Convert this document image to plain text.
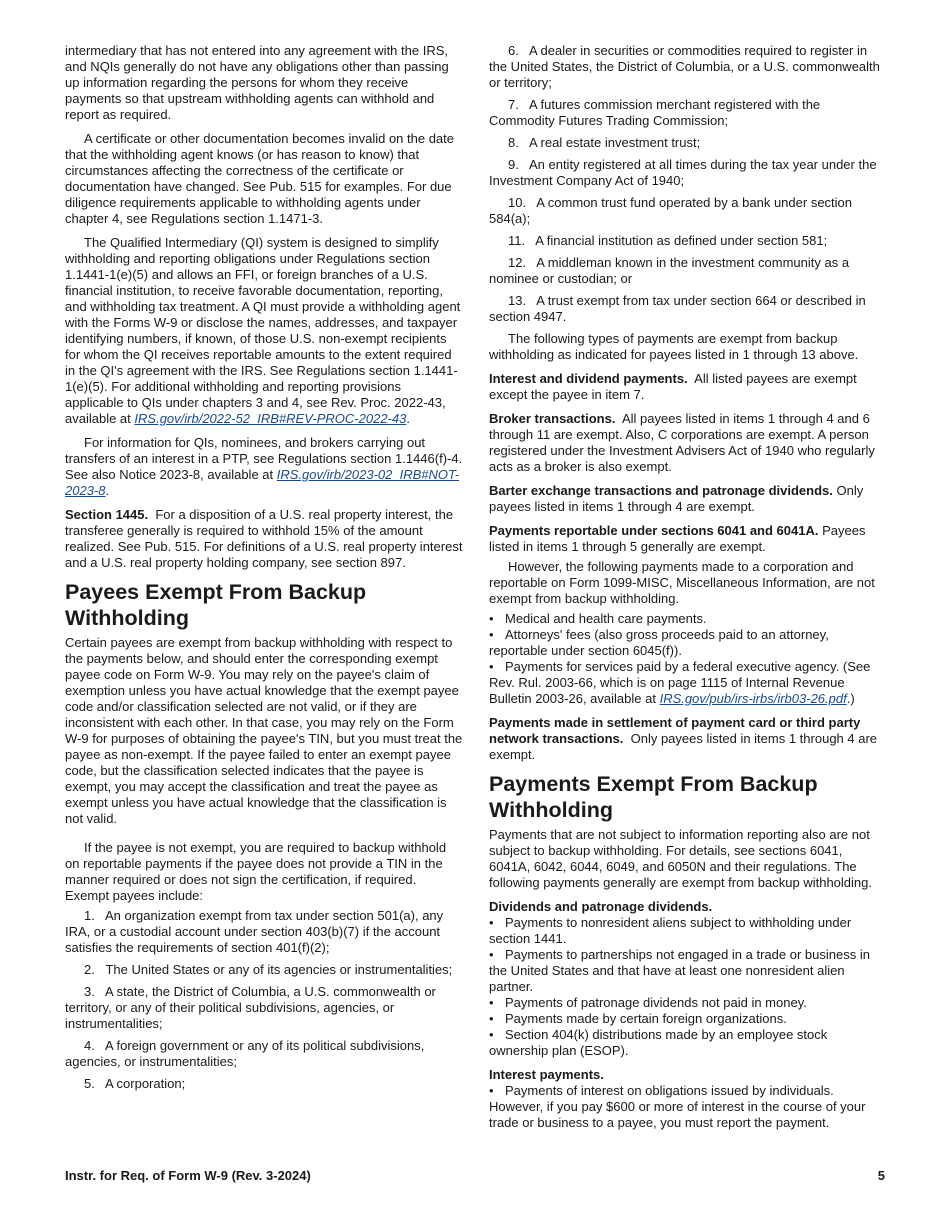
intermediary that has not entered into any agreement with the IRS, and NQIs generally do not have any obligations other than passing up information regarding the persons for whom they receive payments so that upstream withholding agents can withhold and report as required.

A certificate or other documentation becomes invalid on the date that the withholding agent knows (or has reason to know) that circumstances affecting the correctness of the certificate or documentation have changed. See Pub. 515 for examples. For due diligence requirements applicable to withholding agents under chapter 4, see Regulations section 1.1471-3.

The Qualified Intermediary (QI) system is designed to simplify withholding and reporting obligations under Regulations section 1.1441-1(e)(5) and allows an FFI, or foreign branches of a U.S. financial institution, to receive favorable documentation, reporting, and withholding tax treatment. A QI must provide a withholding agent with the Forms W-9 or disclose the names, addresses, and taxpayer identifying numbers, if known, of those U.S. non-exempt recipients for whom the QI receives reportable amounts to the extent required in the QI's agreement with the IRS. See Regulations section 1.1441-1(e)(5). For additional withholding and reporting provisions applicable to QIs under chapters 3 and 4, see Rev. Proc. 2022-43, available at IRS.gov/irb/2022-52_IRB#REV-PROC-2022-43.

For information for QIs, nominees, and brokers carrying out transfers of an interest in a PTP, see Regulations section 1.1446(f)-4. See also Notice 2023-8, available at IRS.gov/irb/2023-02_IRB#NOT-2023-8.

Section 1445. For a disposition of a U.S. real property interest, the transferee generally is required to withhold 15% of the amount realized. See Pub. 515. For definitions of a U.S. real property interest and a U.S. real property holding company, see section 897.

Payees Exempt From Backup Withholding

Certain payees are exempt from backup withholding with respect to the payments below, and should enter the corresponding exempt payee code on Form W-9. You may rely on the payee's claim of exemption unless you have actual knowledge that the exempt payee code and/or classification selected are not valid, or if they are inconsistent with each other. In that case, you may rely on the Form W-9 for purposes of obtaining the payee's TIN, but you must treat the payee as non-exempt. If the payee failed to enter an exempt payee code, but the classification selected indicates that the payee is exempt, you may accept the classification and treat the payee as exempt unless you have actual knowledge that the classification is not valid.

If the payee is not exempt, you are required to backup withhold on reportable payments if the payee does not provide a TIN in the manner required or does not sign the certification, if required. Exempt payees include:

1. An organization exempt from tax under section 501(a), any IRA, or a custodial account under section 403(b)(7) if the account satisfies the requirements of section 401(f)(2);

2. The United States or any of its agencies or instrumentalities;

3. A state, the District of Columbia, a U.S. commonwealth or territory, or any of their political subdivisions, agencies, or instrumentalities;

4. A foreign government or any of its political subdivisions, agencies, or instrumentalities;

5. A corporation;

6. A dealer in securities or commodities required to register in the United States, the District of Columbia, or a U.S. commonwealth or territory;

7. A futures commission merchant registered with the Commodity Futures Trading Commission;

8. A real estate investment trust;

9. An entity registered at all times during the tax year under the Investment Company Act of 1940;

10. A common trust fund operated by a bank under section 584(a);

11. A financial institution as defined under section 581;

12. A middleman known in the investment community as a nominee or custodian; or

13. A trust exempt from tax under section 664 or described in section 4947.

The following types of payments are exempt from backup withholding as indicated for payees listed in 1 through 13 above.

Interest and dividend payments. All listed payees are exempt except the payee in item 7.

Broker transactions. All payees listed in items 1 through 4 and 6 through 11 are exempt. Also, C corporations are exempt. A person registered under the Investment Advisers Act of 1940 who regularly acts as a broker is also exempt.

Barter exchange transactions and patronage dividends. Only payees listed in items 1 through 4 are exempt.

Payments reportable under sections 6041 and 6041A. Payees listed in items 1 through 5 generally are exempt.

However, the following payments made to a corporation and reportable on Form 1099-MISC, Miscellaneous Information, are not exempt from backup withholding.

• Medical and health care payments.

• Attorneys' fees (also gross proceeds paid to an attorney, reportable under section 6045(f)).

• Payments for services paid by a federal executive agency. (See Rev. Rul. 2003-66, which is on page 1115 of Internal Revenue Bulletin 2003-26, available at IRS.gov/pub/irs-irbs/irb03-26.pdf.)

Payments made in settlement of payment card or third party network transactions. Only payees listed in items 1 through 4 are exempt.

Payments Exempt From Backup Withholding

Payments that are not subject to information reporting also are not subject to backup withholding. For details, see sections 6041, 6041A, 6042, 6044, 6049, and 6050N and their regulations. The following payments generally are exempt from backup withholding.

Dividends and patronage dividends.

• Payments to nonresident aliens subject to withholding under section 1441.

• Payments to partnerships not engaged in a trade or business in the United States and that have at least one nonresident alien partner.

• Payments of patronage dividends not paid in money.

• Payments made by certain foreign organizations.

• Section 404(k) distributions made by an employee stock ownership plan (ESOP).

Interest payments.

• Payments of interest on obligations issued by individuals. However, if you pay $600 or more of interest in the course of your trade or business to a payee, you must report the payment.

Instr. for Req. of Form W-9 (Rev. 3-2024)	5
